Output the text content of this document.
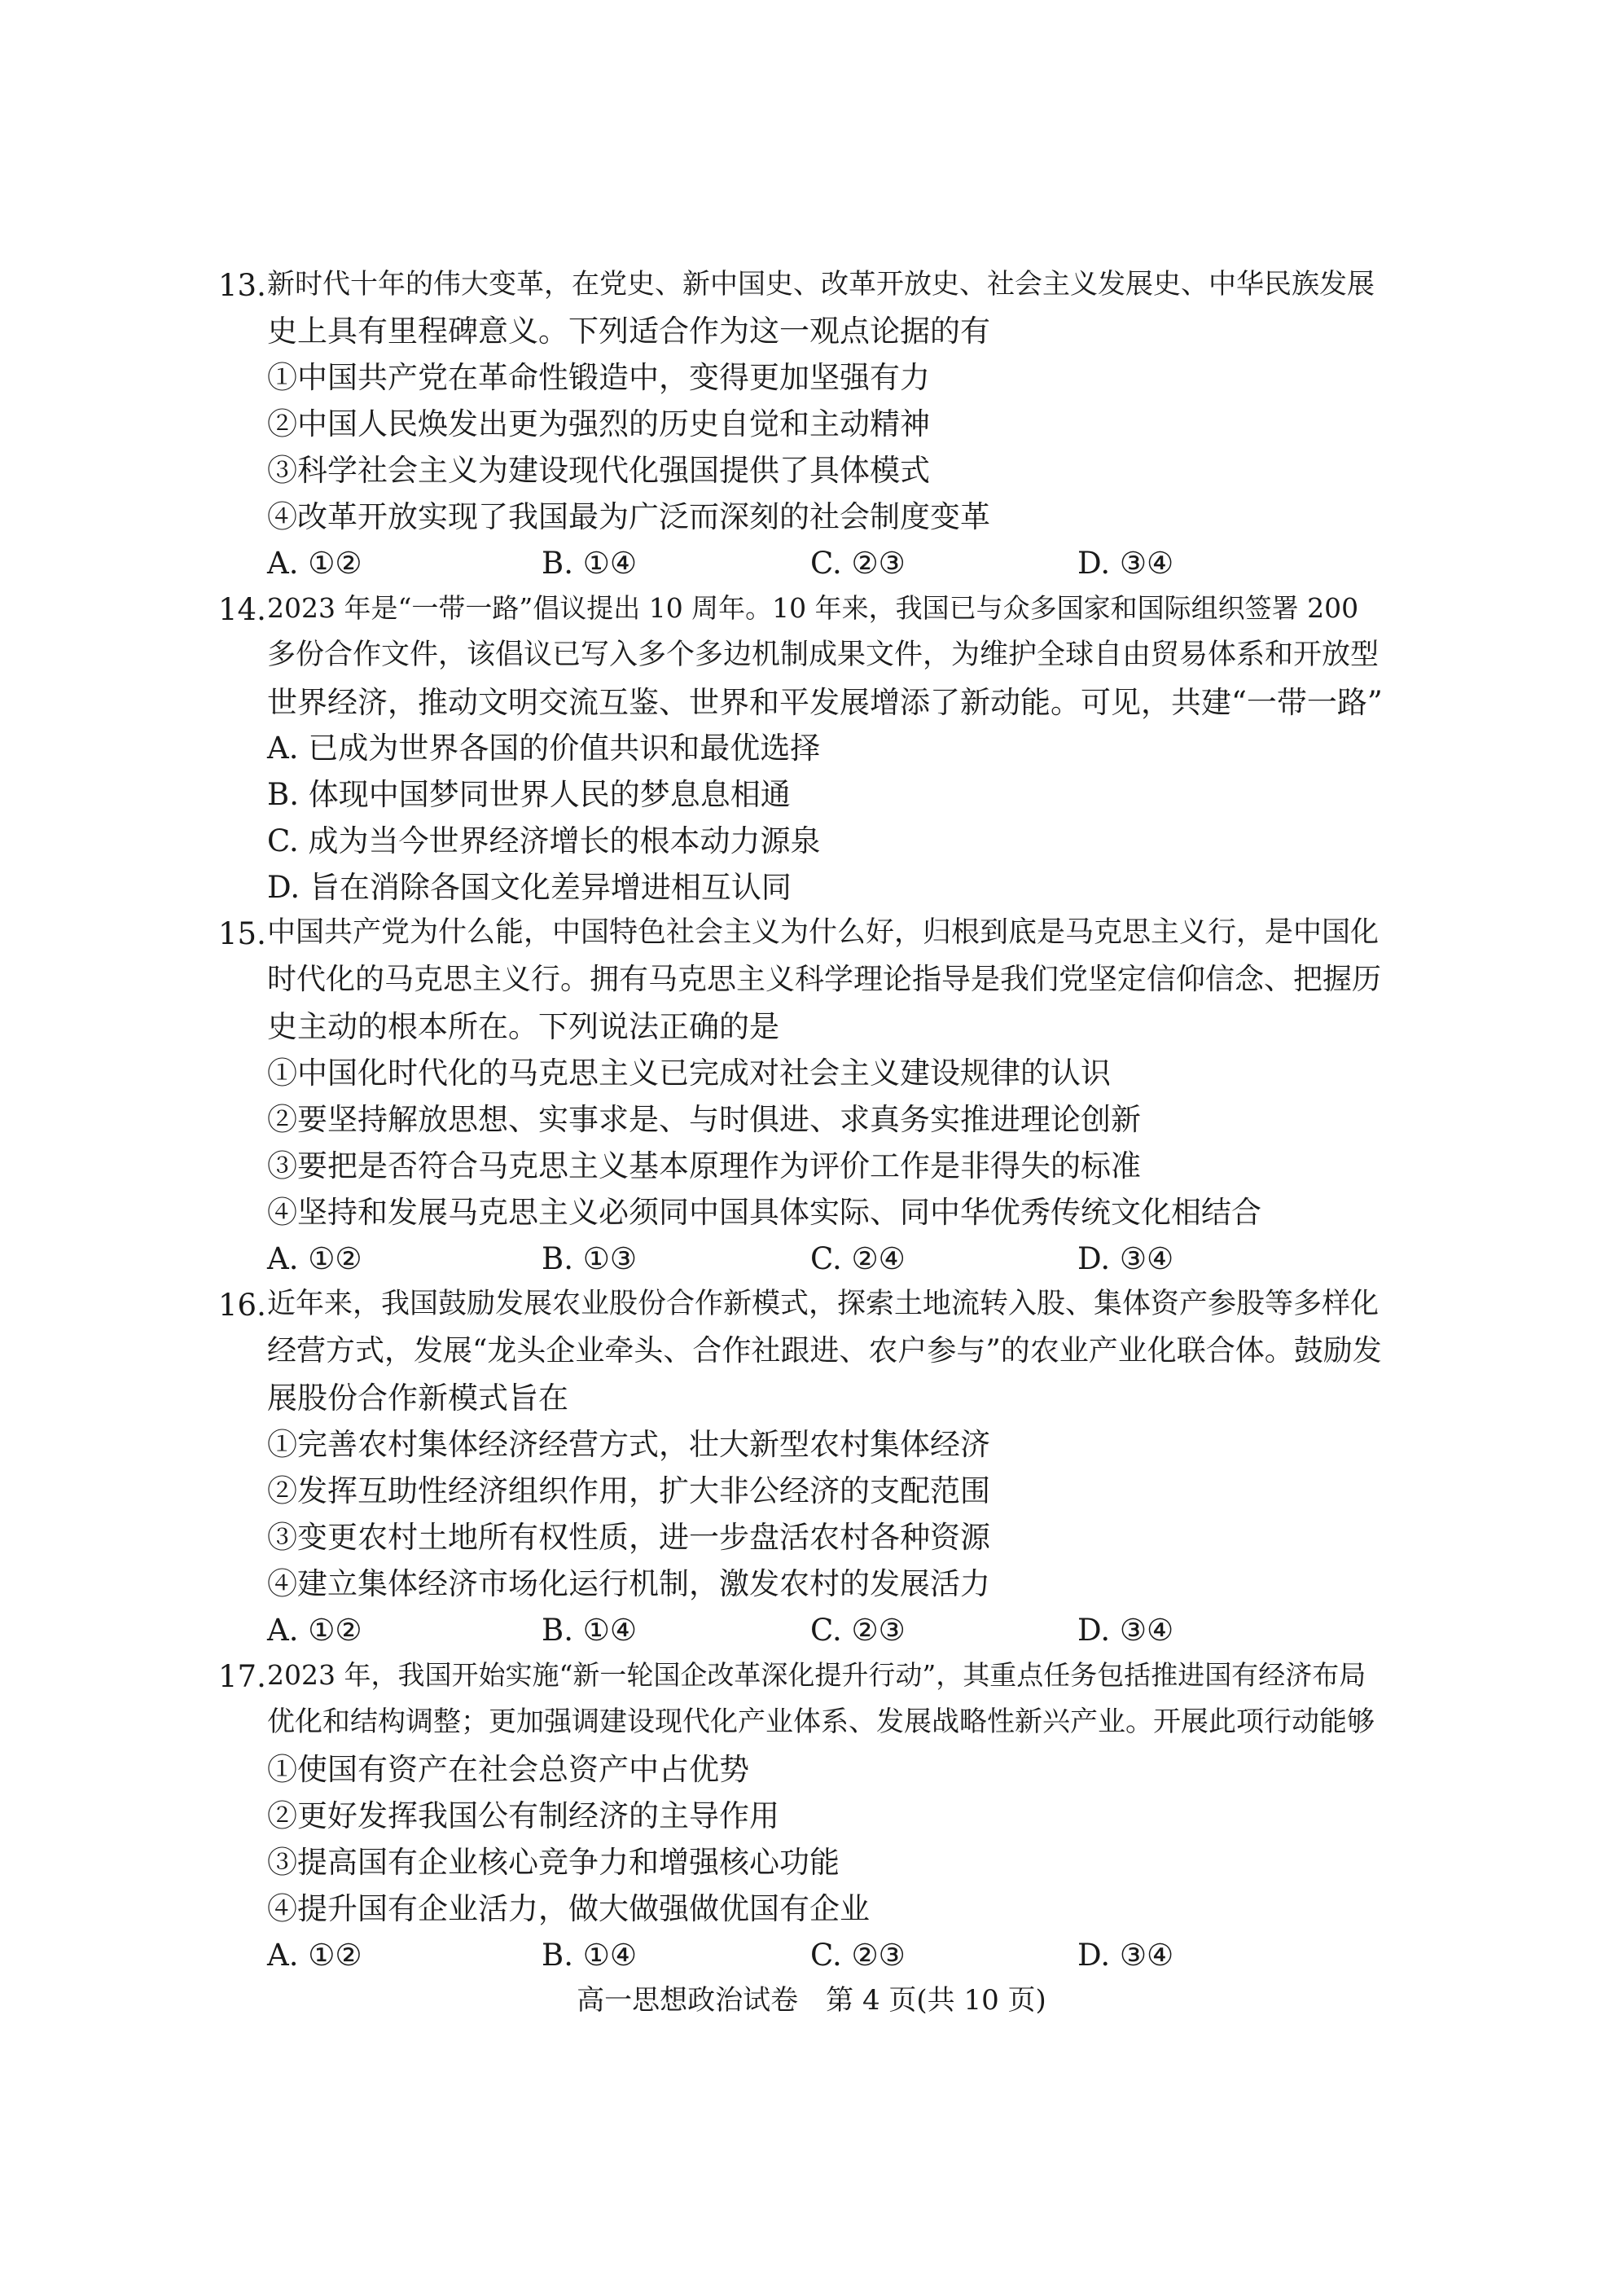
13. 新时代十年的伟大变革，在党史、新中国史、改革开放史、社会主义发展史、中华民族发展
史上具有里程碑意义。下列适合作为这一观点论据的有
①中国共产党在革命性锻造中，变得更加坚强有力
②中国人民焕发出更为强烈的历史自觉和主动精神
③科学社会主义为建设现代化强国提供了具体模式
④改革开放实现了我国最为广泛而深刻的社会制度变革
A. ①②	B. ①④	C. ②③	D. ③④
14. 2023 年是“一带一路”倡议提出 10 周年。10 年来，我国已与众多国家和国际组织签署 200
多份合作文件，该倡议已写入多个多边机制成果文件，为维护全球自由贸易体系和开放型
世界经济，推动文明交流互鉴、世界和平发展增添了新动能。可见，共建“一带一路”
A. 已成为世界各国的价值共识和最优选择
B. 体现中国梦同世界人民的梦息息相通
C. 成为当今世界经济增长的根本动力源泉
D. 旨在消除各国文化差异增进相互认同
15. 中国共产党为什么能，中国特色社会主义为什么好，归根到底是马克思主义行，是中国化
时代化的马克思主义行。拥有马克思主义科学理论指导是我们党坚定信仰信念、把握历
史主动的根本所在。下列说法正确的是
①中国化时代化的马克思主义已完成对社会主义建设规律的认识
②要坚持解放思想、实事求是、与时俱进、求真务实推进理论创新
③要把是否符合马克思主义基本原理作为评价工作是非得失的标准
④坚持和发展马克思主义必须同中国具体实际、同中华优秀传统文化相结合
A. ①②	B. ①③	C. ②④	D. ③④
16. 近年来，我国鼓励发展农业股份合作新模式，探索土地流转入股、集体资产参股等多样化
经营方式，发展“龙头企业牵头、合作社跟进、农户参与”的农业产业化联合体。鼓励发
展股份合作新模式旨在
①完善农村集体经济经营方式，壮大新型农村集体经济
②发挥互助性经济组织作用，扩大非公经济的支配范围
③变更农村土地所有权性质，进一步盘活农村各种资源
④建立集体经济市场化运行机制，激发农村的发展活力
A. ①②	B. ①④	C. ②③	D. ③④
17. 2023 年，我国开始实施“新一轮国企改革深化提升行动”，其重点任务包括推进国有经济布局
优化和结构调整；更加强调建设现代化产业体系、发展战略性新兴产业。开展此项行动能够
①使国有资产在社会总资产中占优势
②更好发挥我国公有制经济的主导作用
③提高国有企业核心竞争力和增强核心功能
④提升国有企业活力，做大做强做优国有企业
A. ①②	B. ①④	C. ②③	D. ③④
高一思想政治试卷　第 4 页(共 10 页)
